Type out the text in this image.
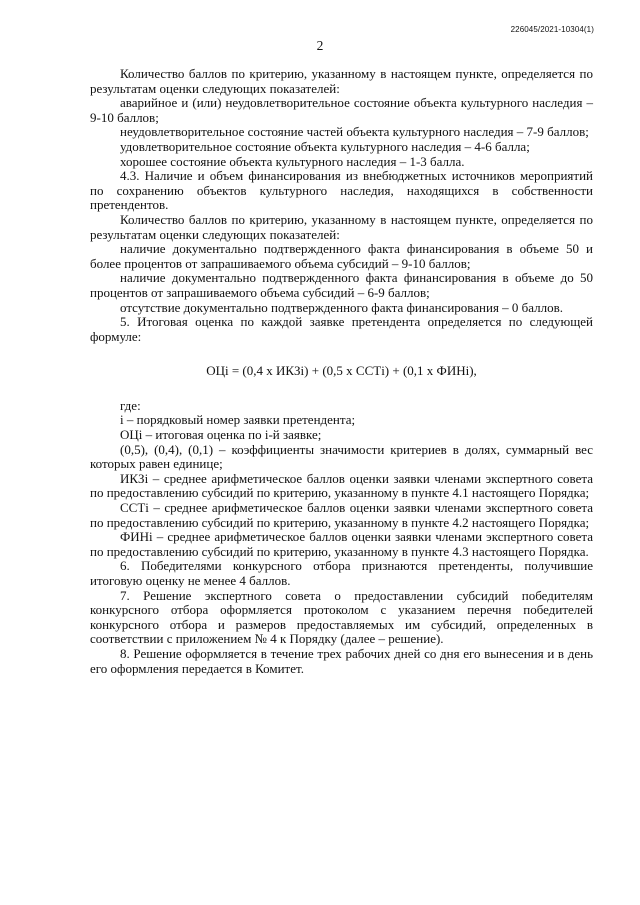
226045/2021-10304(1)
2

Количество баллов по критерию, указанному в настоящем пункте, определяется по результатам оценки следующих показателей:

аварийное и (или) неудовлетворительное состояние объекта культурного наследия – 9-10 баллов;

неудовлетворительное состояние частей объекта культурного наследия – 7-9 баллов;

удовлетворительное состояние объекта культурного наследия – 4-6 балла;

хорошее состояние объекта культурного наследия – 1-3 балла.

4.3. Наличие и объем финансирования из внебюджетных источников мероприятий по сохранению объектов культурного наследия, находящихся в собственности претендентов.

Количество баллов по критерию, указанному в настоящем пункте, определяется по результатам оценки следующих показателей:

наличие документально подтвержденного факта финансирования в объеме 50 и более процентов от запрашиваемого объема субсидий – 9-10 баллов;

наличие документально подтвержденного факта финансирования в объеме до 50 процентов от запрашиваемого объема субсидий – 6-9 баллов;

отсутствие документально подтвержденного факта финансирования – 0 баллов.

5. Итоговая оценка по каждой заявке претендента определяется по следующей формуле:

ОЦi = (0,4 х ИКЗi) + (0,5 х ССТi) + (0,1 х ФИНi),

где:

i – порядковый номер заявки претендента;

ОЦi – итоговая оценка по i-й заявке;

(0,5), (0,4), (0,1) – коэффициенты значимости критериев в долях, суммарный вес которых равен единице;

ИКЗi – среднее арифметическое баллов оценки заявки членами экспертного совета по предоставлению субсидий по критерию, указанному в пункте 4.1 настоящего Порядка;

ССТi – среднее арифметическое баллов оценки заявки членами экспертного совета по предоставлению субсидий по критерию, указанному в пункте 4.2 настоящего Порядка;

ФИНi – среднее арифметическое баллов оценки заявки членами экспертного совета по предоставлению субсидий по критерию, указанному в пункте 4.3 настоящего Порядка.

6. Победителями конкурсного отбора признаются претенденты, получившие итоговую оценку не менее 4 баллов.

7. Решение экспертного совета о предоставлении субсидий победителям конкурсного отбора оформляется протоколом с указанием перечня победителей конкурсного отбора и размеров предоставляемых им субсидий, определенных в соответствии с приложением № 4 к Порядку (далее – решение).

8. Решение оформляется в течение трех рабочих дней со дня его вынесения и в день его оформления передается в Комитет.
